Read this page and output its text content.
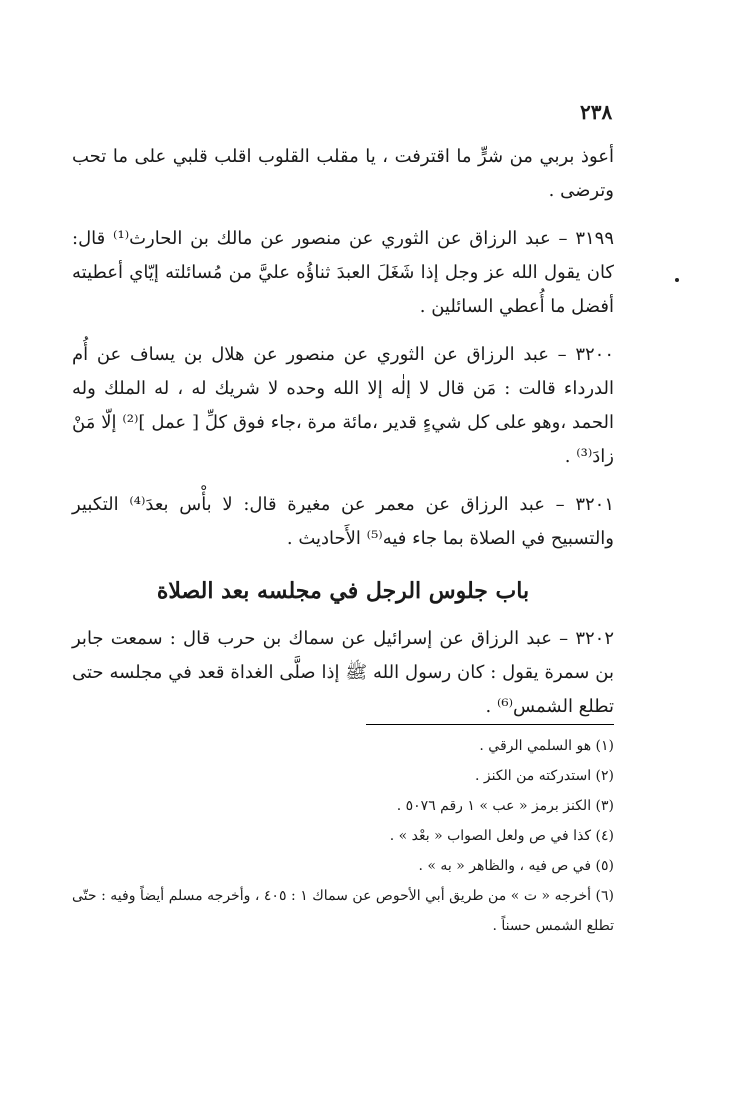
٢٣٨

أعوذ بربي من شرٍّ ما اقترفت ، يا مقلب القلوب اقلب قلبي على ما تحب وترضى .

٣١٩٩ – عبد الرزاق عن الثوري عن منصور عن مالك بن الحارث⁽¹⁾ قال: كان يقول الله عز وجل إذا شَغَلَ العبدَ ثناؤُه عليَّ من مُسائلته إيّاي أعطيته أفضل ما أُعطي السائلين .

٣٢٠٠ – عبد الرزاق عن الثوري عن منصور عن هلال بن يساف عن أُم الدرداء قالت : مَن قال لا إلٰه إلا الله وحده لا شريك له ، له الملك وله الحمد ،وهو على كل شيءٍ قدير ،مائة مرة ،جاء فوق كلِّ [ عمل ]⁽²⁾ إلّا مَنْ زادَ⁽³⁾ .

٣٢٠١ – عبد الرزاق عن معمر عن مغيرة قال: لا بأْس بعدَ⁽⁴⁾ التكبير والتسبيح في الصلاة بما جاء فيه⁽⁵⁾ الأَحاديث .

باب جلوس الرجل في مجلسه بعد الصلاة

٣٢٠٢ – عبد الرزاق عن إسرائيل عن سماك بن حرب قال : سمعت جابر بن سمرة يقول : كان رسول الله ﷺ إذا صلَّى الغداة قعد في مجلسه حتى تطلع الشمس⁽⁶⁾ .

(١) هو السلمي الرقي .

(٢) استدركته من الكنز .

(٣) الكنز برمز « عب » ١ رقم ٥٠٧٦ .

(٤) كذا في ص ولعل الصواب « بعْد » .

(٥) في ص فيه ، والظاهر « به » .

(٦) أخرجه « ت » من طريق أبي الأحوص عن سماك ١ : ٤٠٥ ، وأخرجه مسلم أيضاً وفيه : حتّى تطلع الشمس حسناً .
